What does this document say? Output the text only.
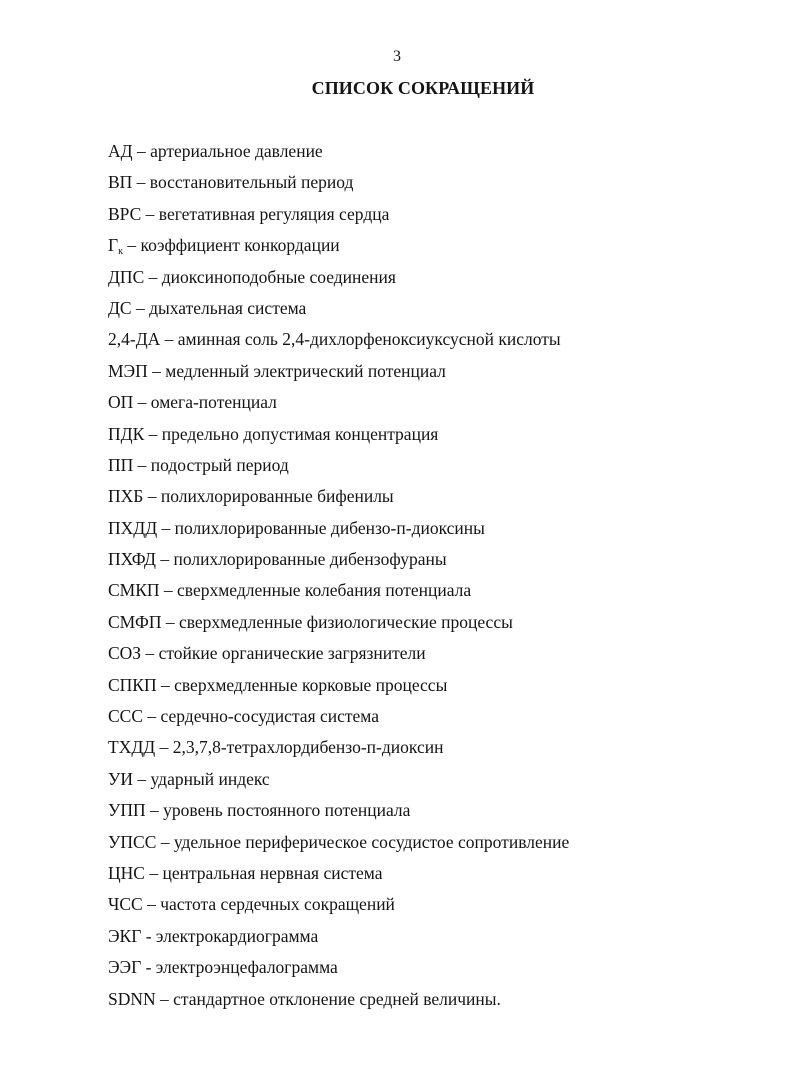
3
СПИСОК СОКРАЩЕНИЙ
АД – артериальное давление
ВП – восстановительный период
ВРС – вегетативная регуляция сердца
$Г_к$ – коэффициент конкордации
ДПС – диоксиноподобные соединения
ДС – дыхательная система
2,4-ДА – аминная соль 2,4-дихлорфеноксиуксусной кислоты
МЭП – медленный электрический потенциал
ОП – омега-потенциал
ПДК – предельно допустимая концентрация
ПП – подострый период
ПХБ – полихлорированные бифенилы
ПХДД – полихлорированные дибензо-п-диоксины
ПХФД – полихлорированные дибензофураны
СМКП – сверхмедленные колебания потенциала
СМФП – сверхмедленные физиологические процессы
СОЗ – стойкие органические загрязнители
СПКП – сверхмедленные корковые процессы
ССС – сердечно-сосудистая система
ТХДД – 2,3,7,8-тетрахлордибензо-п-диоксин
УИ – ударный индекс
УПП – уровень постоянного потенциала
УПСС – удельное периферическое сосудистое сопротивление
ЦНС – центральная нервная система
ЧСС – частота сердечных сокращений
ЭКГ - электрокардиограмма
ЭЭГ - электроэнцефалограмма
SDNN – стандартное отклонение средней величины.
